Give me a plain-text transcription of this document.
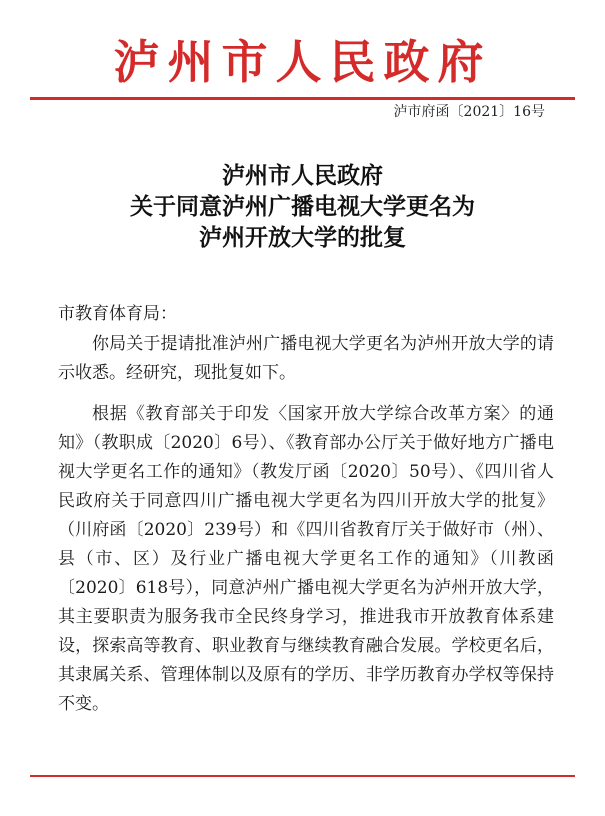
泸州市人民政府
泸市府函〔2021〕16号
泸州市人民政府
关于同意泸州广播电视大学更名为
泸州开放大学的批复
市教育体育局：
你局关于提请批准泸州广播电视大学更名为泸州开放大学的请示收悉。经研究，现批复如下。
根据《教育部关于印发〈国家开放大学综合改革方案〉的通知》（教职成〔2020〕6号）、《教育部办公厅关于做好地方广播电视大学更名工作的通知》（教发厅函〔2020〕50号）、《四川省人民政府关于同意四川广播电视大学更名为四川开放大学的批复》（川府函〔2020〕239号）和《四川省教育厅关于做好市（州）、县（市、区）及行业广播电视大学更名工作的通知》（川教函〔2020〕618号），同意泸州广播电视大学更名为泸州开放大学，其主要职责为服务我市全民终身学习，推进我市开放教育体系建设，探索高等教育、职业教育与继续教育融合发展。学校更名后，其隶属关系、管理体制以及原有的学历、非学历教育办学权等保持不变。
